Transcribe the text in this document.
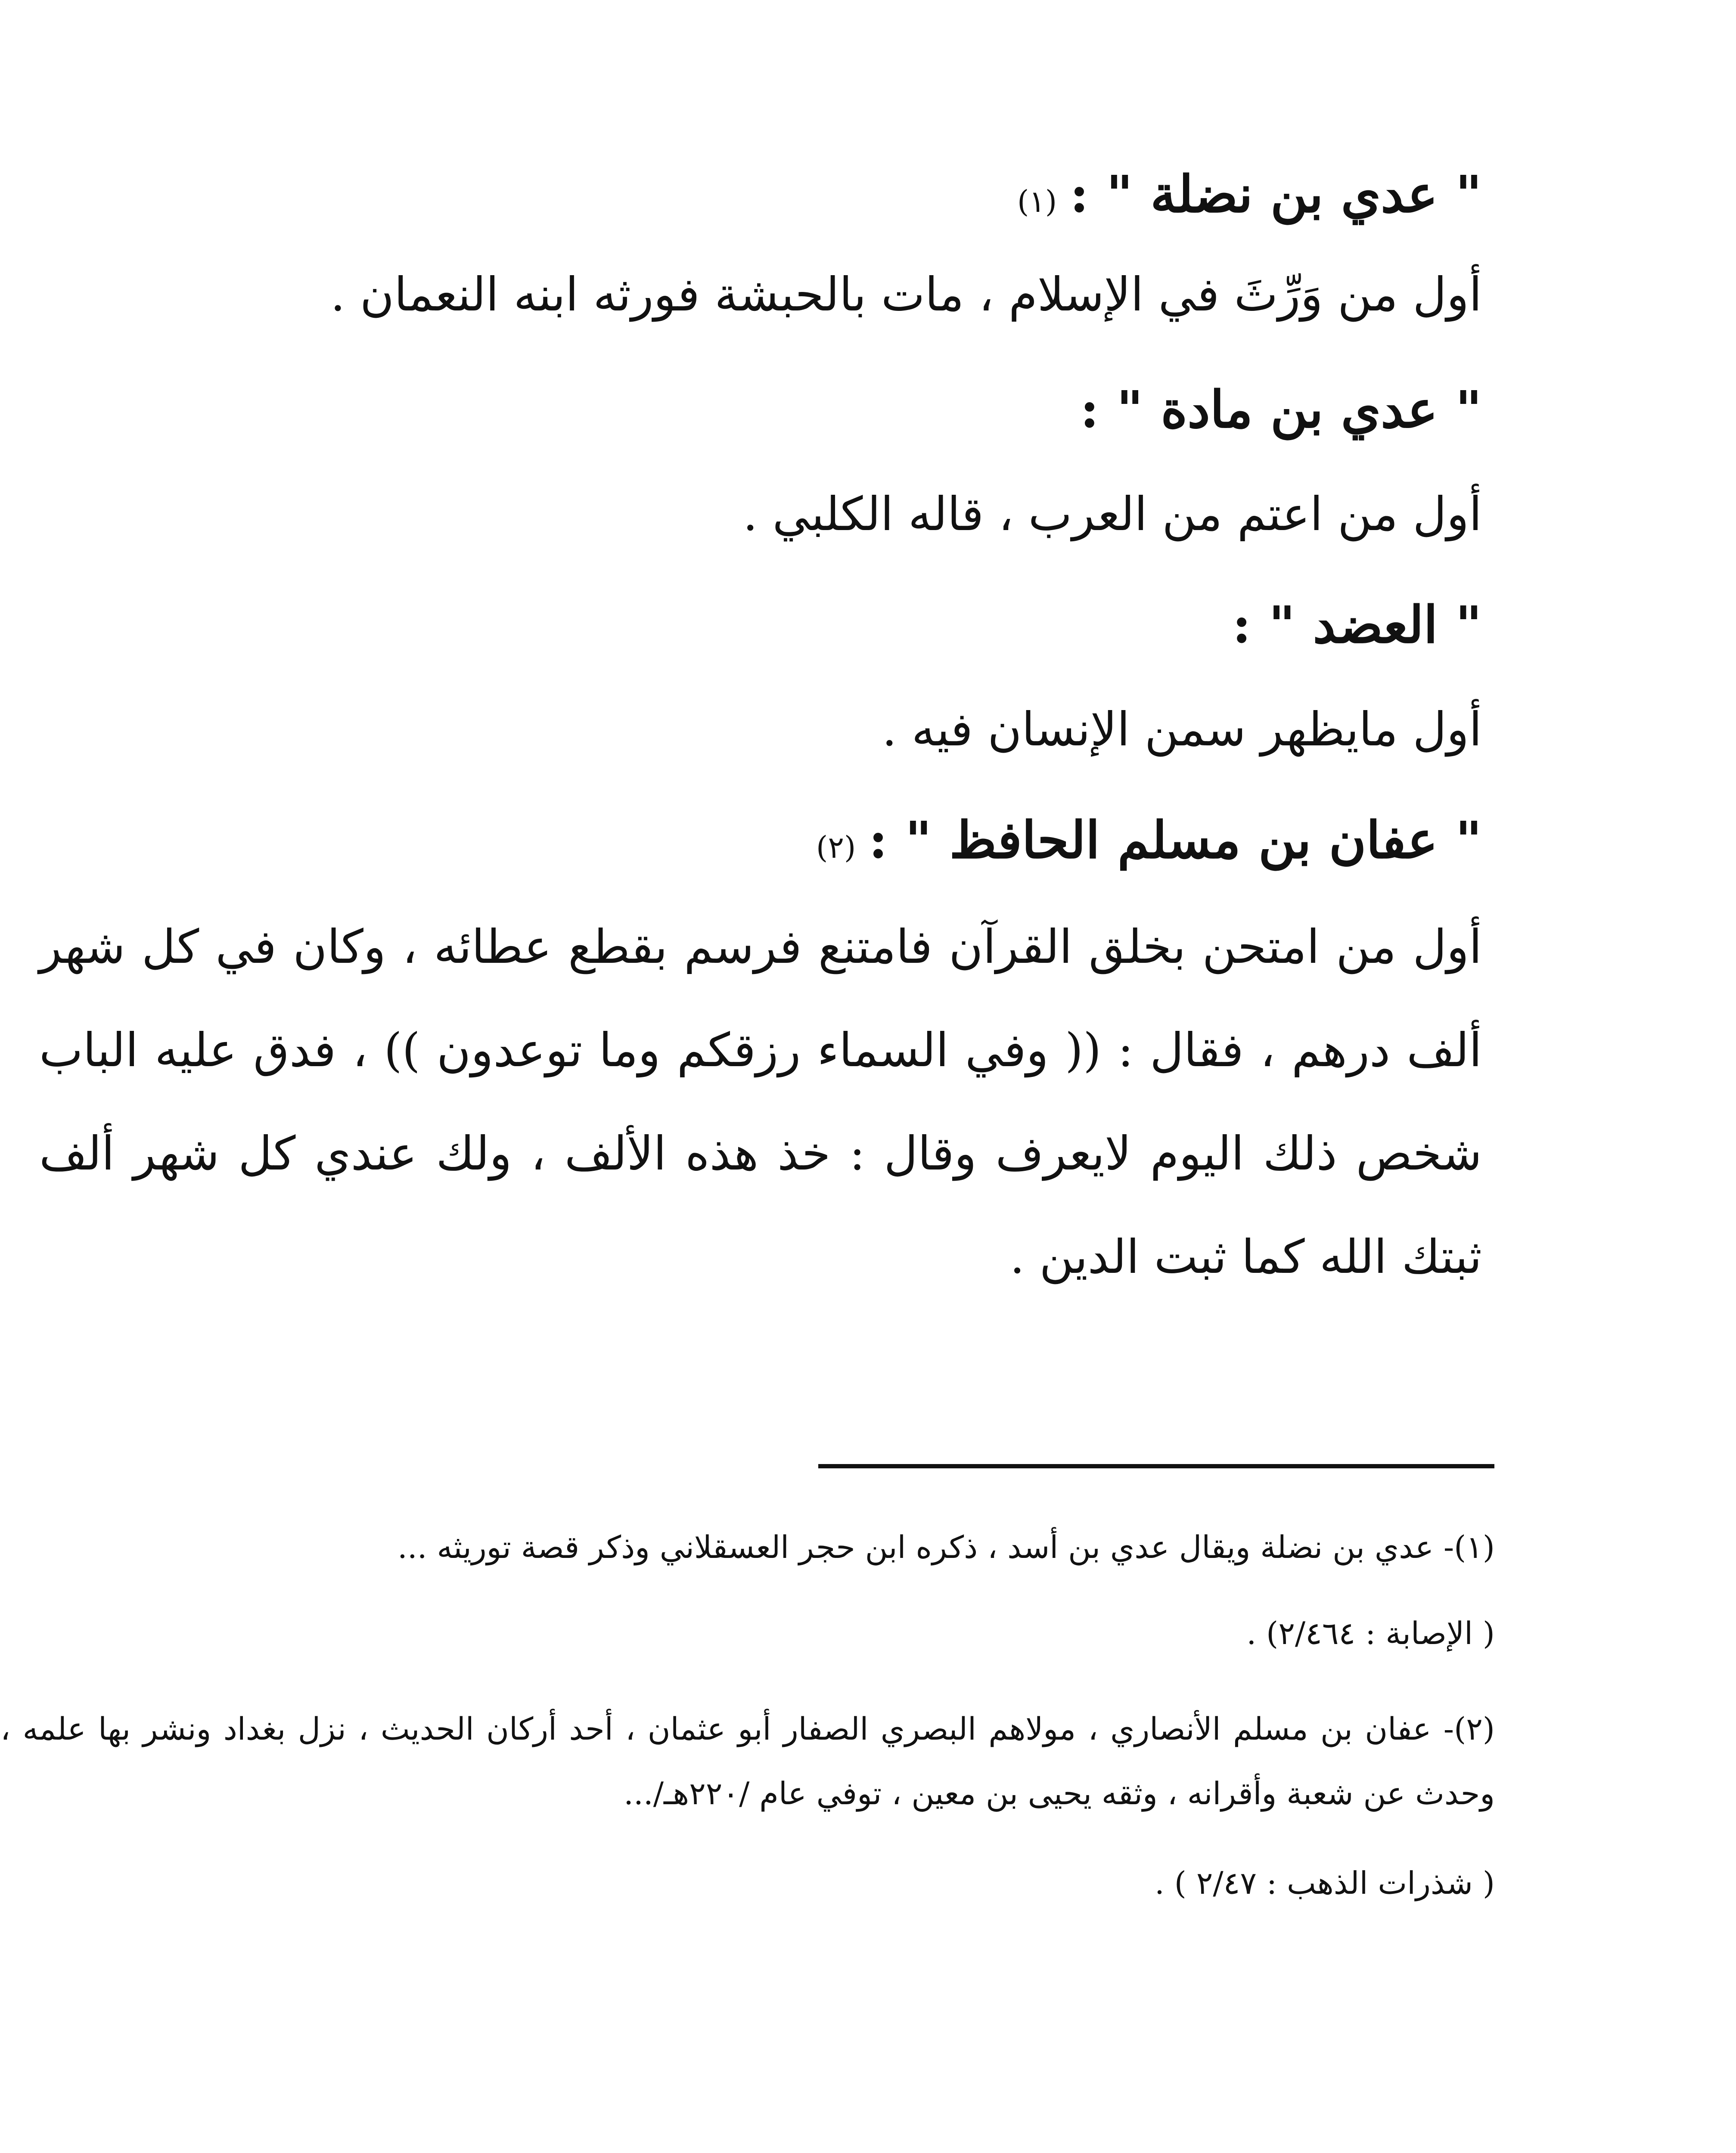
" عدي بن نضلة " :(١)
أول من وَرِّثَ في الإسلام ، مات بالحبشة فورثه ابنه النعمان .
" عدي بن مادة " :
أول من اعتم من العرب ، قاله الكلبي .
" العضد " :
أول مايظهر سمن الإنسان فيه .
" عفان بن مسلم الحافظ " :(٢)
أول من امتحن بخلق القرآن فامتنع فرسم بقطع عطائه ، وكان في كل شهر ألف درهم ، فقال : (( وفي السماء رزقكم وما توعدون )) ، فدق عليه الباب شخص ذلك اليوم لايعرف وقال : خذ هذه الألف ، ولك عندي كل شهر ألف ثبتك الله كما ثبت الدين .
(١)- عدي بن نضلة ويقال عدي بن أسد ، ذكره ابن حجر العسقلاني وذكر قصة توريثه ...
( الإصابة : ٢/٤٦٤) .
(٢)- عفان بن مسلم الأنصاري ، مولاهم البصري الصفار أبو عثمان ، أحد أركان الحديث ، نزل بغداد ونشر بها علمه ، وحدث عن شعبة وأقرانه ، وثقه يحيى بن معين ، توفي عام /٢٢٠هـ/...
( شذرات الذهب : ٢/٤٧ ) .
